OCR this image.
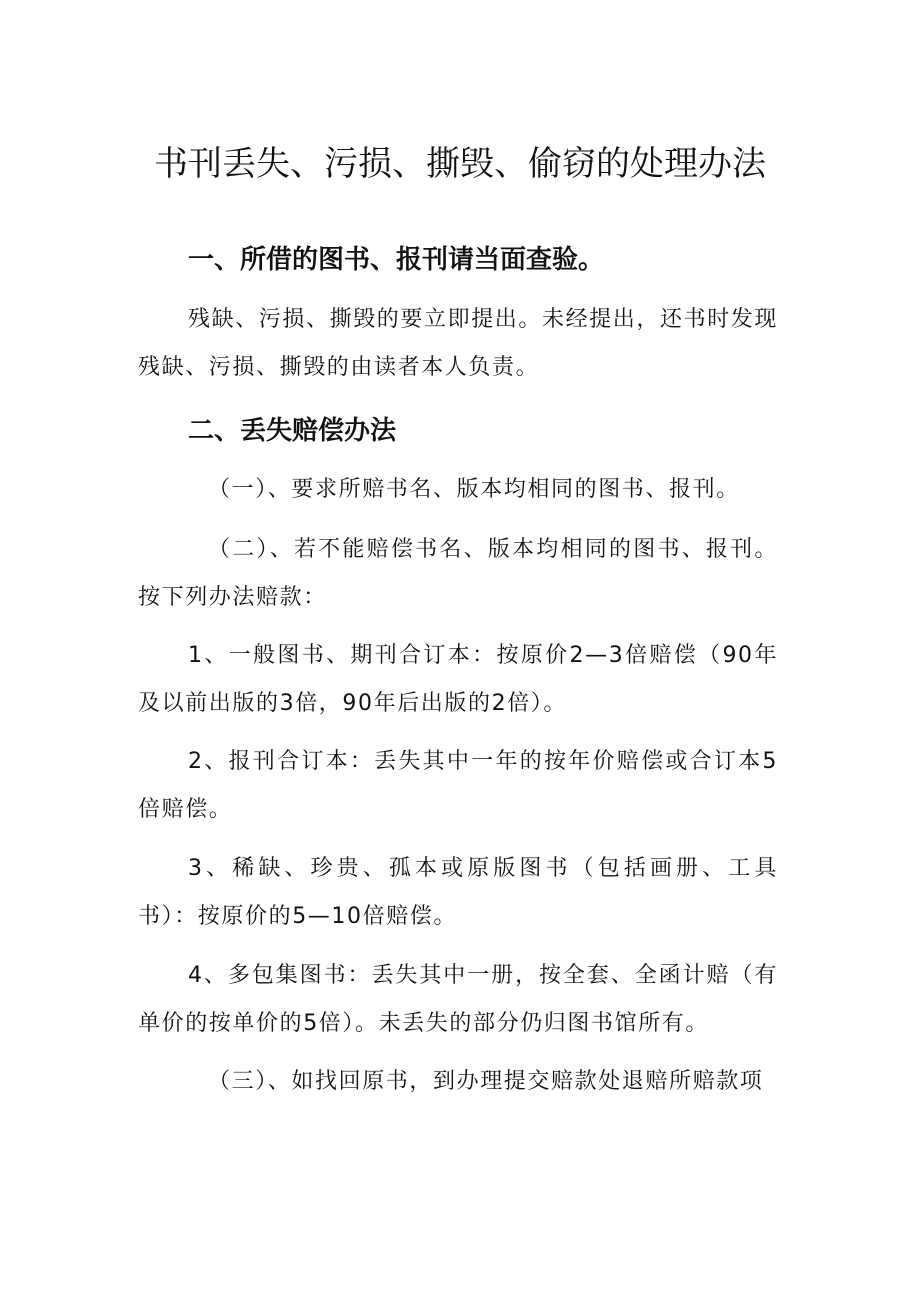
书刊丢失、污损、撕毁、偷窃的处理办法
一、所借的图书、报刊请当面查验。

残缺、污损、撕毁的要立即提出。未经提出，还书时发现残缺、污损、撕毁的由读者本人负责。

二、丢失赔偿办法

（一）、要求所赔书名、版本均相同的图书、报刊。

（二）、若不能赔偿书名、版本均相同的图书、报刊。按下列办法赔款：

1、一般图书、期刊合订本：按原价2—3倍赔偿（90年及以前出版的3倍，90年后出版的2倍）。

2、报刊合订本：丢失其中一年的按年价赔偿或合订本5倍赔偿。

3、稀缺、珍贵、孤本或原版图书（包括画册、工具书）：按原价的5—10倍赔偿。

4、多包集图书：丢失其中一册，按全套、全函计赔（有单价的按单价的5倍）。未丢失的部分仍归图书馆所有。

（三）、如找回原书，到办理提交赔款处退赔所赔款项
